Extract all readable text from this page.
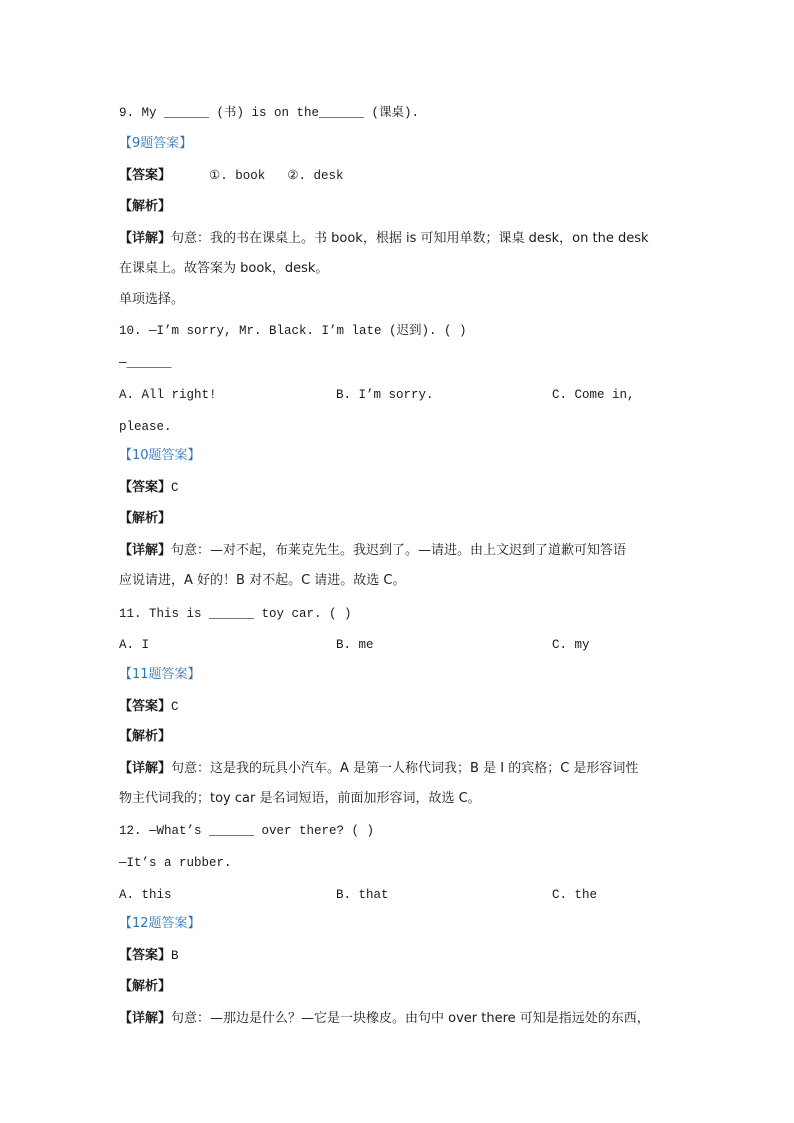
9. My ______ (书) is on the______ (课桌).
【9题答案】
【答案】	①. book ②. desk
【解析】
【详解】句意：我的书在课桌上。书 book，根据 is 可知用单数；课桌 desk，on the desk
在课桌上。故答案为 book，desk。
单项选择。
10. —I’m sorry, Mr. Black. I’m late (迟到). ( )
—______
A. All right!	B. I’m sorry.	C. Come in,
please.
【10题答案】
【答案】C
【解析】
【详解】句意：—对不起，布莱克先生。我迟到了。—请进。由上文迟到了道歉可知答语
应说请进，A 好的！B 对不起。C 请进。故选 C。
11. This is ______ toy car. ( )
A. I	B. me	C. my
【11题答案】
【答案】C
【解析】
【详解】句意：这是我的玩具小汽车。A 是第一人称代词我；B 是 I 的宾格；C 是形容词性
物主代词我的；toy car 是名词短语，前面加形容词，故选 C。
12. —What’s ______ over there? ( )
—It’s a rubber.
A. this	B. that	C. the
【12题答案】
【答案】B
【解析】
【详解】句意：—那边是什么？—它是一块橡皮。由句中 over there 可知是指远处的东西，
